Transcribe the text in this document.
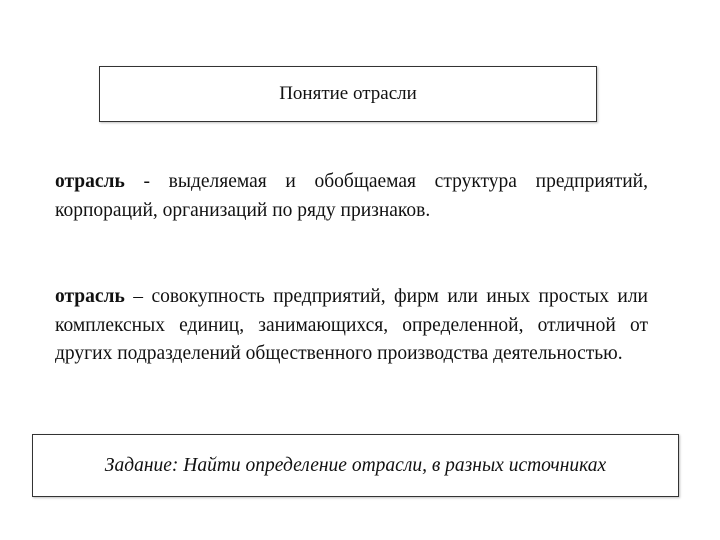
Понятие отрасли

отрасль - выделяемая и обобщаемая структура предприятий, корпораций, организаций по ряду признаков.

отрасль – совокупность предприятий, фирм или иных простых или комплексных единиц, занимающихся, определенной, отличной от других подразделений общественного производства деятельностью.

Задание: Найти определение отрасли, в разных источниках
